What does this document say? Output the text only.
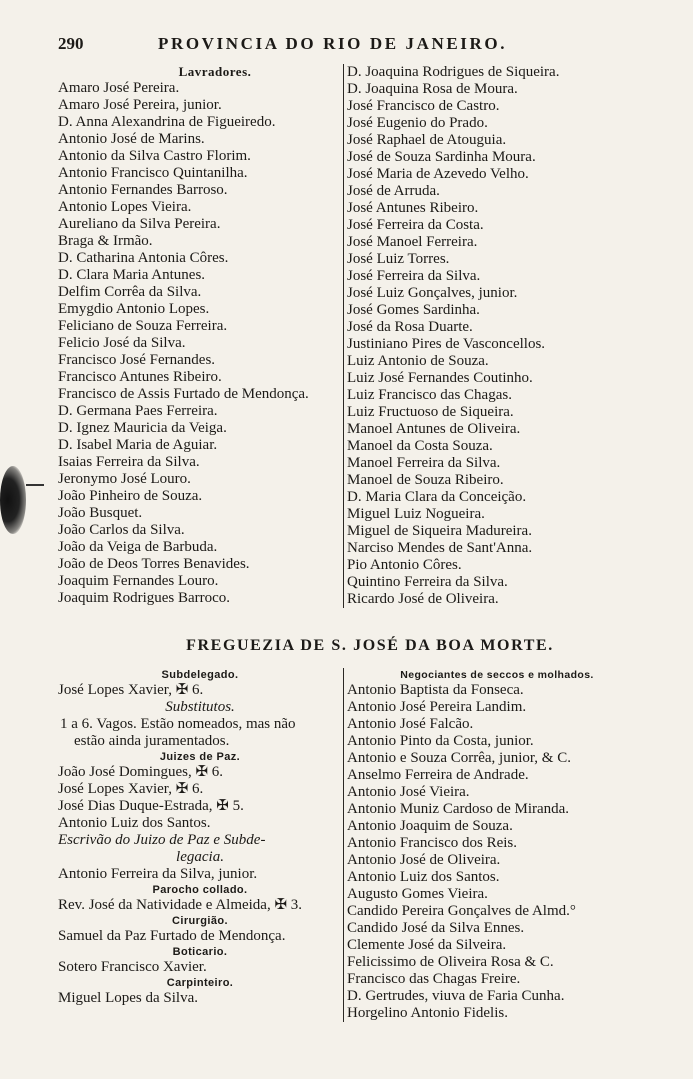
290	PROVINCIA DO RIO DE JANEIRO.
Lavradores.
Amaro José Pereira.
Amaro José Pereira, junior.
D. Anna Alexandrina de Figueiredo.
Antonio José de Marins.
Antonio da Silva Castro Florim.
Antonio Francisco Quintanilha.
Antonio Fernandes Barroso.
Antonio Lopes Vieira.
Aureliano da Silva Pereira.
Braga & Irmão.
D. Catharina Antonia Côres.
D. Clara Maria Antunes.
Delfim Corrêa da Silva.
Emygdio Antonio Lopes.
Feliciano de Souza Ferreira.
Felicio José da Silva.
Francisco José Fernandes.
Francisco Antunes Ribeiro.
Francisco de Assis Furtado de Mendonça.
D. Germana Paes Ferreira.
D. Ignez Mauricia da Veiga.
D. Isabel Maria de Aguiar.
Isaias Ferreira da Silva.
Jeronymo José Louro.
João Pinheiro de Souza.
João Busquet.
João Carlos da Silva.
João da Veiga de Barbuda.
João de Deos Torres Benavides.
Joaquim Fernandes Louro.
Joaquim Rodrigues Barroco.
D. Joaquina Rodrigues de Siqueira.
D. Joaquina Rosa de Moura.
José Francisco de Castro.
José Eugenio do Prado.
José Raphael de Atouguia.
José de Souza Sardinha Moura.
José Maria de Azevedo Velho.
José de Arruda.
José Antunes Ribeiro.
José Ferreira da Costa.
José Manoel Ferreira.
José Luiz Torres.
José Ferreira da Silva.
José Luiz Gonçalves, junior.
José Gomes Sardinha.
José da Rosa Duarte.
Justiniano Pires de Vasconcellos.
Luiz Antonio de Souza.
Luiz José Fernandes Coutinho.
Luiz Francisco das Chagas.
Luiz Fructuoso de Siqueira.
Manoel Antunes de Oliveira.
Manoel da Costa Souza.
Manoel Ferreira da Silva.
Manoel de Souza Ribeiro.
D. Maria Clara da Conceição.
Miguel Luiz Nogueira.
Miguel de Siqueira Madureira.
Narciso Mendes de Sant'Anna.
Pio Antonio Côres.
Quintino Ferreira da Silva.
Ricardo José de Oliveira.
FREGUEZIA DE S. JOSÉ DA BOA MORTE.
Subdelegado.
José Lopes Xavier, ✠ 6.
Substitutos.
1 a 6. Vagos. Estão nomeados, mas não
estão ainda juramentados.
Juizes de Paz.
João José Domingues, ✠ 6.
José Lopes Xavier, ✠ 6.
José Dias Duque-Estrada, ✠ 5.
Antonio Luiz dos Santos.
Escrivão do Juizo de Paz e Subde-
legacia.
Antonio Ferreira da Silva, junior.
Parocho collado.
Rev. José da Natividade e Almeida, ✠ 3.
Cirurgião.
Samuel da Paz Furtado de Mendonça.
Boticario.
Sotero Francisco Xavier.
Carpinteiro.
Miguel Lopes da Silva.
Negociantes de seccos e molhados.
Antonio Baptista da Fonseca.
Antonio José Pereira Landim.
Antonio José Falcão.
Antonio Pinto da Costa, junior.
Antonio e Souza Corrêa, junior, & C.
Anselmo Ferreira de Andrade.
Antonio José Vieira.
Antonio Muniz Cardoso de Miranda.
Antonio Joaquim de Souza.
Antonio Francisco dos Reis.
Antonio José de Oliveira.
Antonio Luiz dos Santos.
Augusto Gomes Vieira.
Candido Pereira Gonçalves de Almd.°
Candido José da Silva Ennes.
Clemente José da Silveira.
Felicissimo de Oliveira Rosa & C.
Francisco das Chagas Freire.
D. Gertrudes, viuva de Faria Cunha.
Horgelino Antonio Fidelis.
